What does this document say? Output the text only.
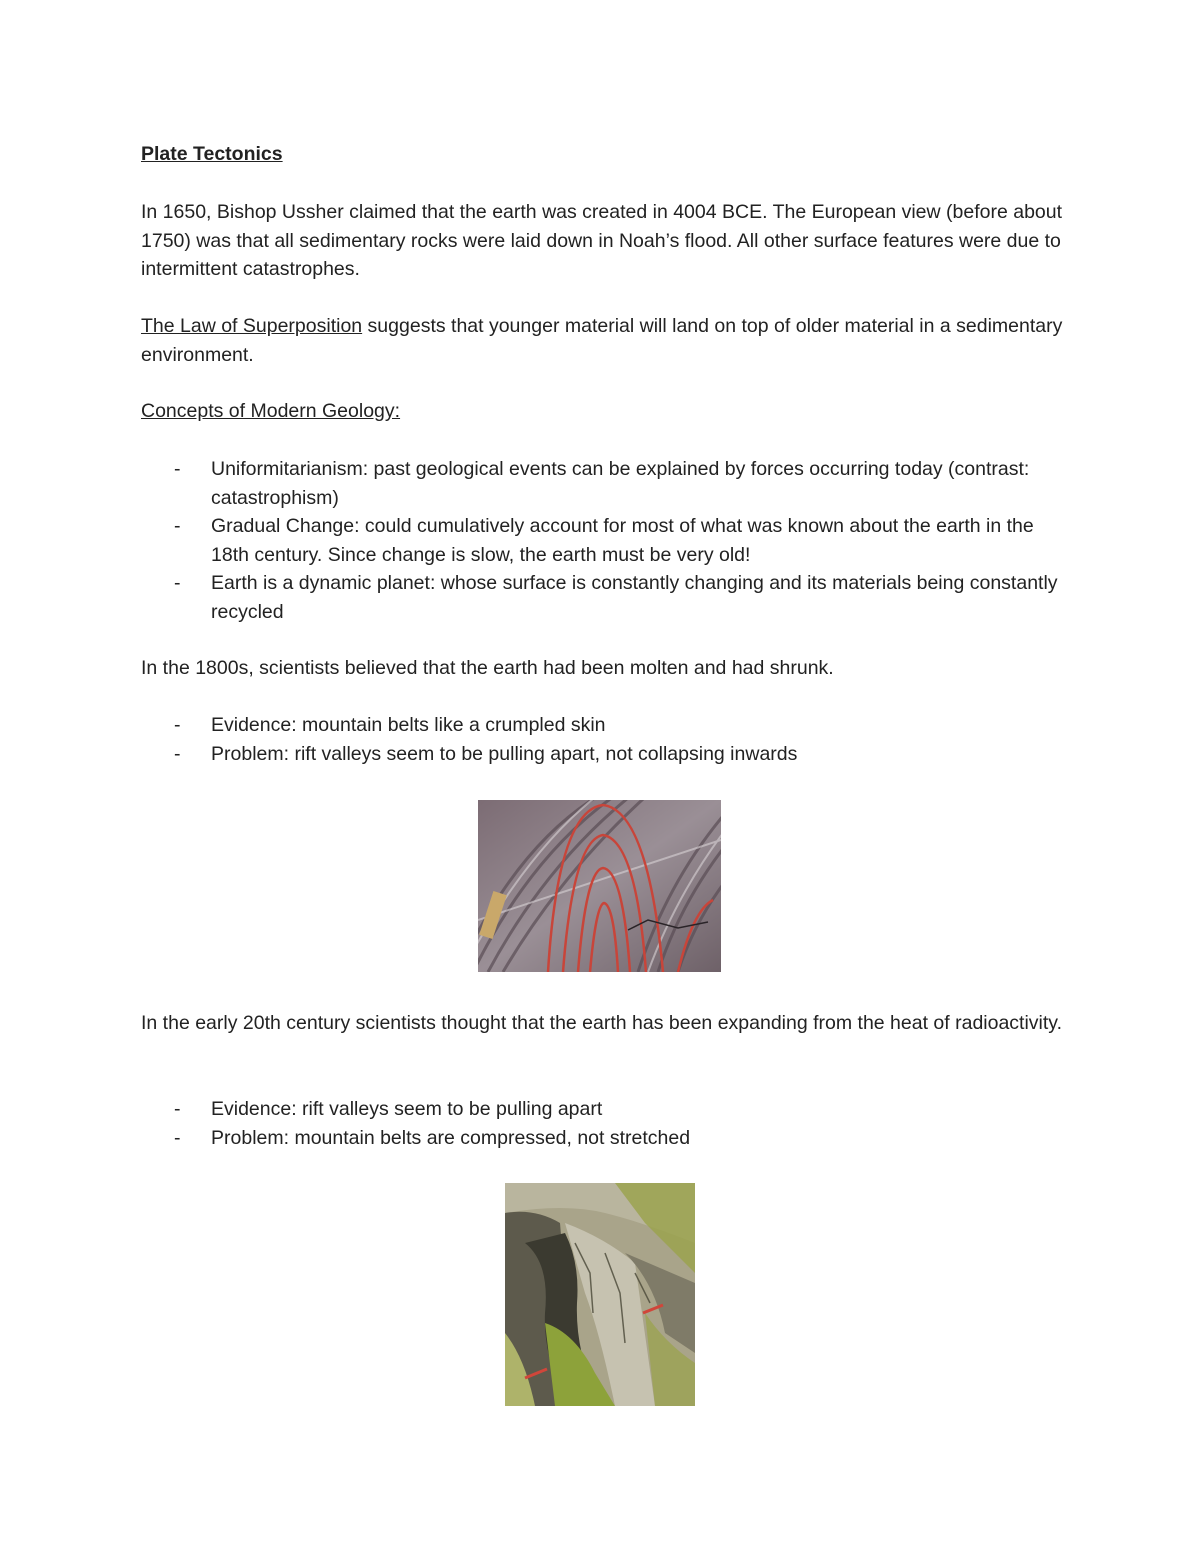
Plate Tectonics

In 1650, Bishop Ussher claimed that the earth was created in 4004 BCE. The European view (before about 1750) was that all sedimentary rocks were laid down in Noah’s flood. All other surface features were due to intermittent catastrophes.

The Law of Superposition suggests that younger material will land on top of older material in a sedimentary environment.

Concepts of Modern Geology:

- Uniformitarianism: past geological events can be explained by forces occurring today (contrast: catastrophism)
- Gradual Change: could cumulatively account for most of what was known about the earth in the 18th century. Since change is slow, the earth must be very old!
- Earth is a dynamic planet: whose surface is constantly changing and its materials being constantly recycled

In the 1800s, scientists believed that the earth had been molten and had shrunk.

- Evidence: mountain belts like a crumpled skin
- Problem: rift valleys seem to be pulling apart, not collapsing inwards

In the early 20th century scientists thought that the earth has been expanding from the heat of radioactivity.

- Evidence: rift valleys seem to be pulling apart
- Problem: mountain belts are compressed, not stretched
